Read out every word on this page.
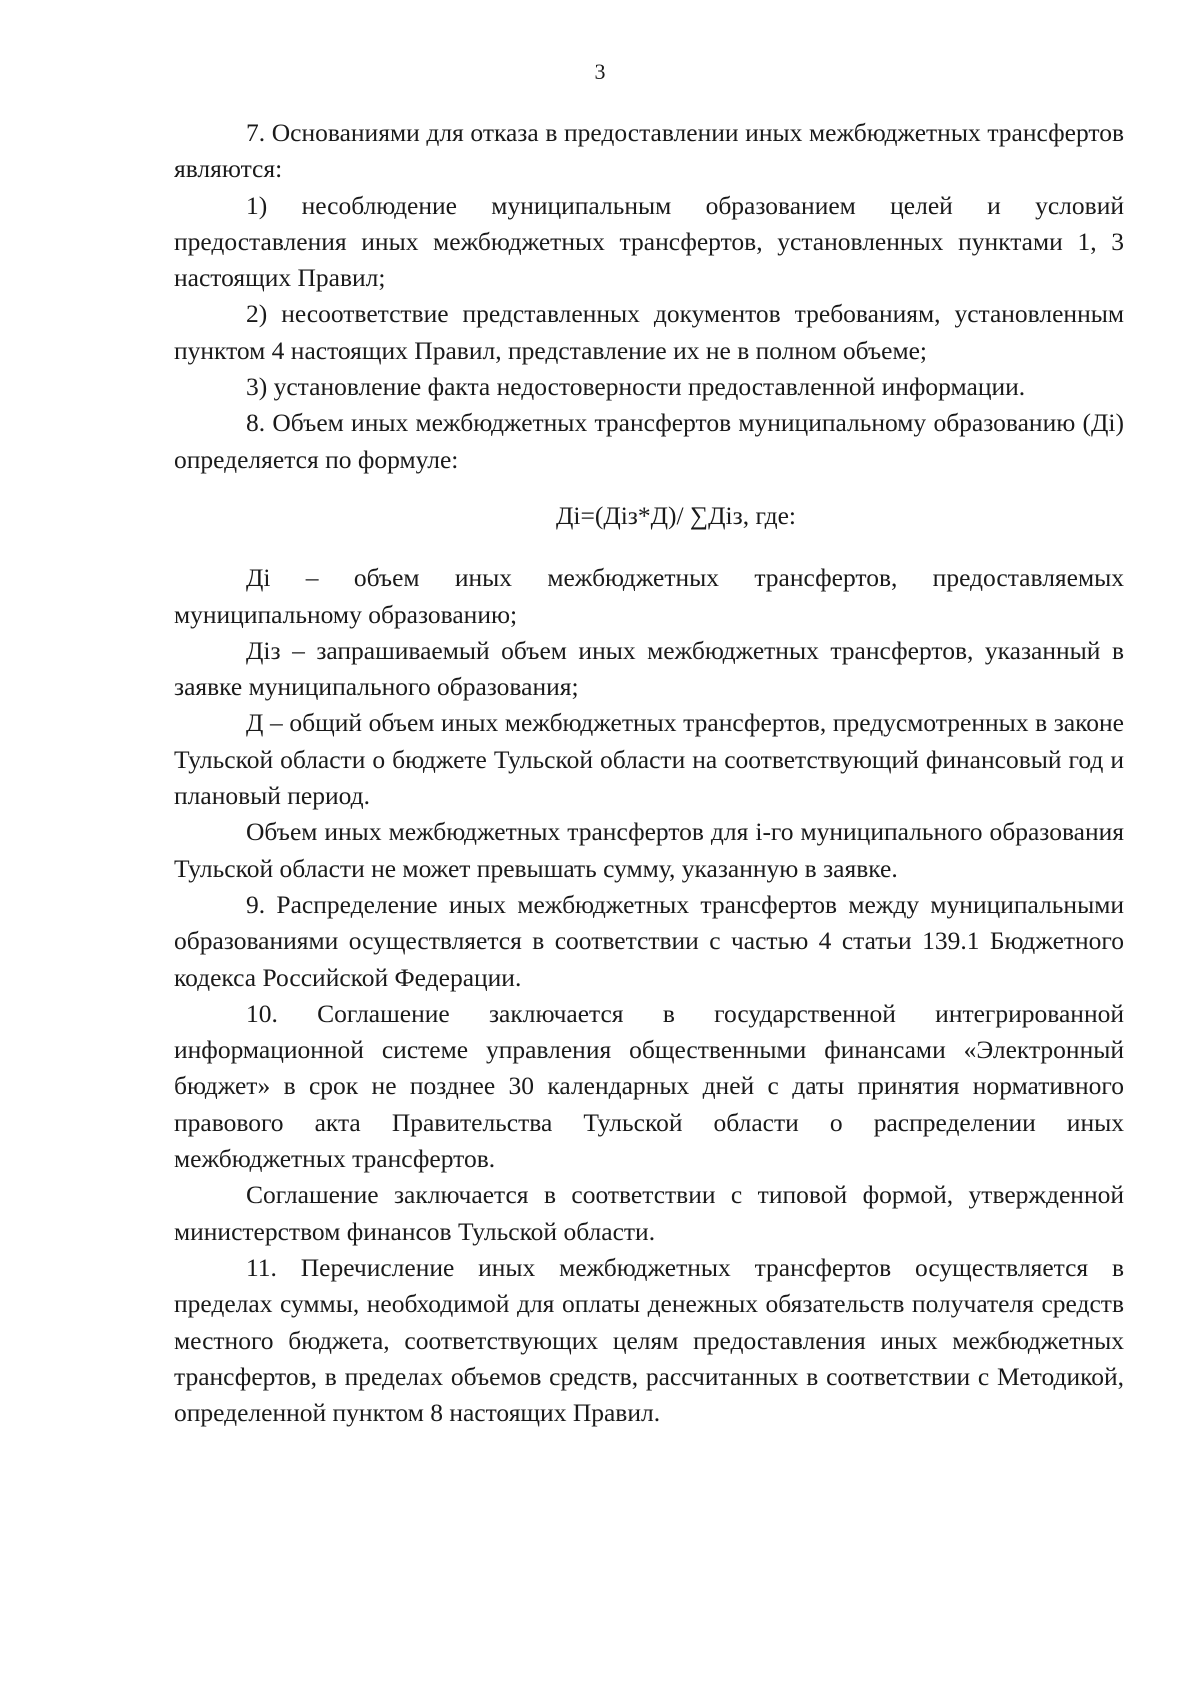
3

7. Основаниями для отказа в предоставлении иных межбюджетных трансфертов являются:

1) несоблюдение муниципальным образованием целей и условий предоставления иных межбюджетных трансфертов, установленных пунктами 1, 3 настоящих Правил;

2) несоответствие представленных документов требованиям, установленным пунктом 4 настоящих Правил, представление их не в полном объеме;

3) установление факта недостоверности предоставленной информации.

8. Объем иных межбюджетных трансфертов муниципальному образованию (Дi) определяется по формуле:

Дi=(Дiз*Д)/ ∑Дiз, где:

Дi – объем иных межбюджетных трансфертов, предоставляемых муниципальному образованию;

Дiз – запрашиваемый объем иных межбюджетных трансфертов, указанный в заявке муниципального образования;

Д – общий объем иных межбюджетных трансфертов, предусмотренных в законе Тульской области о бюджете Тульской области на соответствующий финансовый год и плановый период.

Объем иных межбюджетных трансфертов для i-го муниципального образования Тульской области не может превышать сумму, указанную в заявке.

9. Распределение иных межбюджетных трансфертов между муниципальными образованиями осуществляется в соответствии с частью 4 статьи 139.1 Бюджетного кодекса Российской Федерации.

10. Соглашение заключается в государственной интегрированной информационной системе управления общественными финансами «Электронный бюджет» в срок не позднее 30 календарных дней с даты принятия нормативного правового акта Правительства Тульской области о распределении иных межбюджетных трансфертов.

Соглашение заключается в соответствии с типовой формой, утвержденной министерством финансов Тульской области.

11. Перечисление иных межбюджетных трансфертов осуществляется в пределах суммы, необходимой для оплаты денежных обязательств получателя средств местного бюджета, соответствующих целям предоставления иных межбюджетных трансфертов, в пределах объемов средств, рассчитанных в соответствии с Методикой, определенной пунктом 8 настоящих Правил.
